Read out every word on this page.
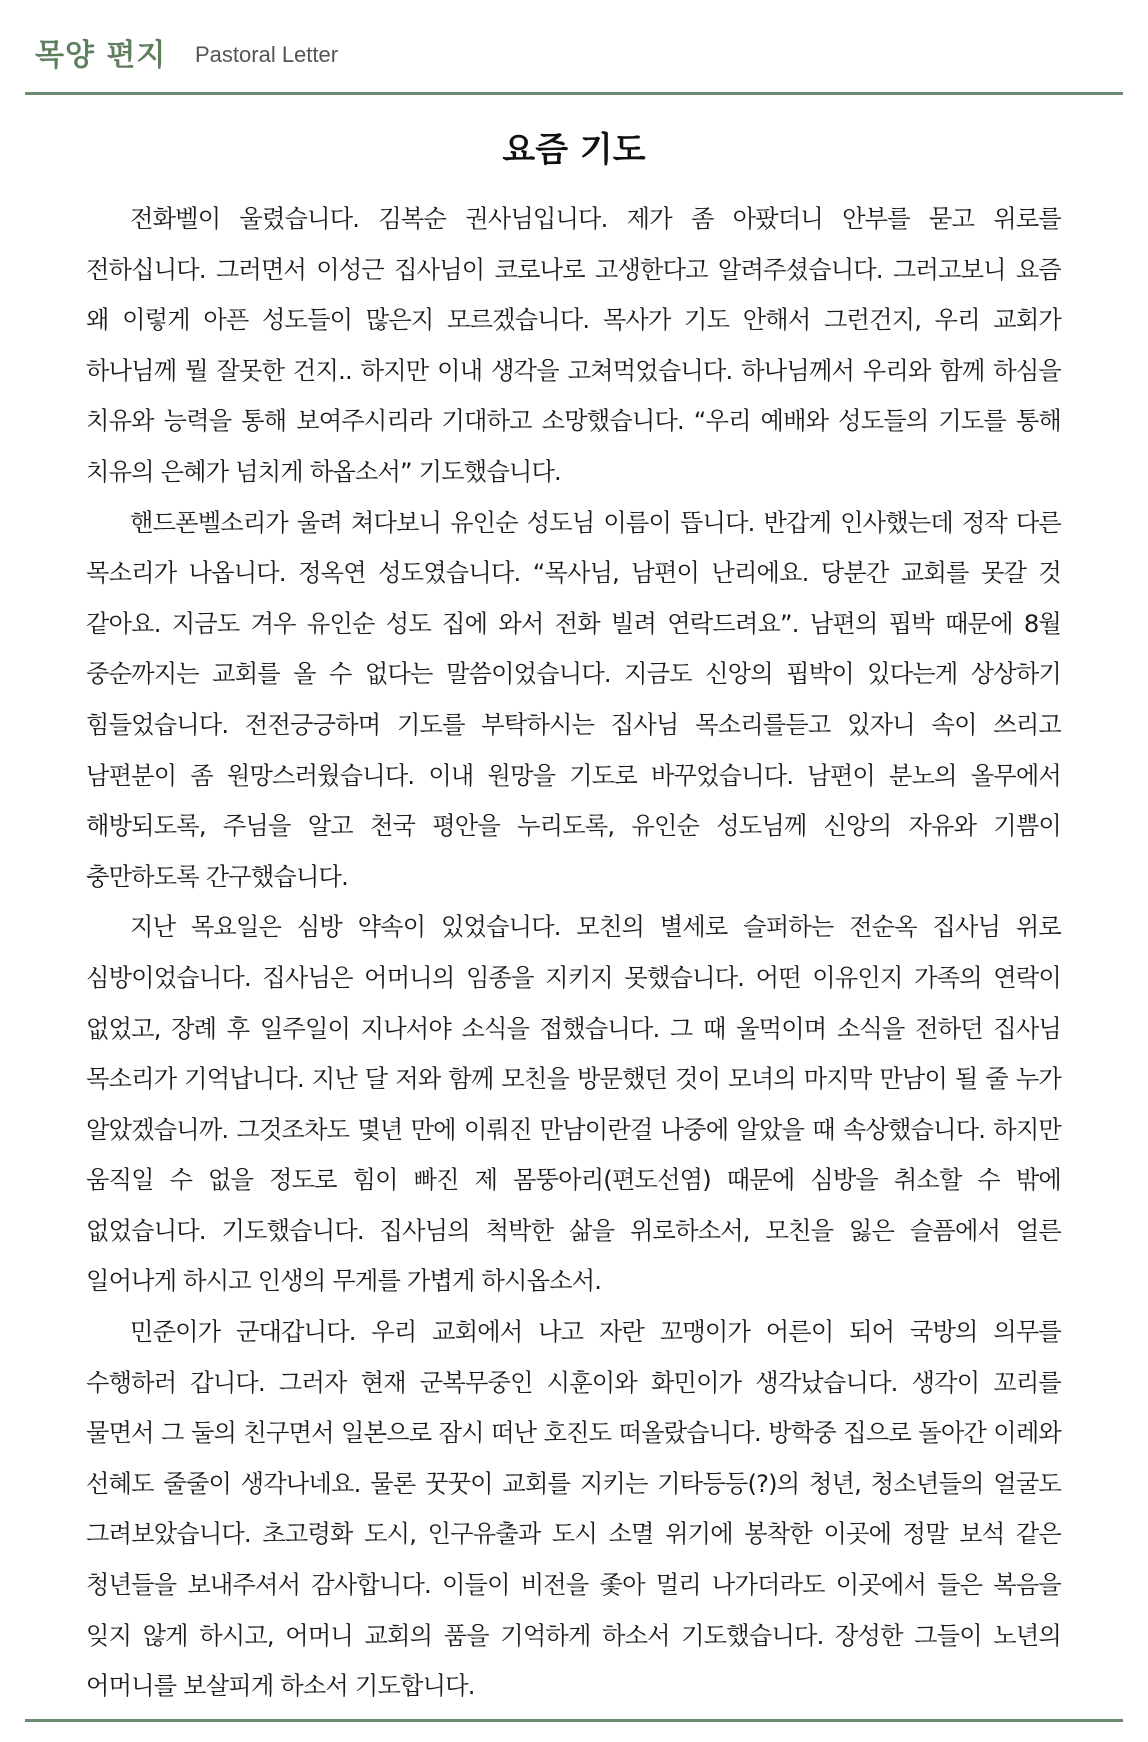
목양 편지 Pastoral Letter
요즘 기도

전화벨이 울렸습니다. 김복순 권사님입니다. 제가 좀 아팠더니 안부를 묻고 위로를 전하십니다. 그러면서 이성근 집사님이 코로나로 고생한다고 알려주셨습니다. 그러고보니 요즘 왜 이렇게 아픈 성도들이 많은지 모르겠습니다. 목사가 기도 안해서 그런건지, 우리 교회가 하나님께 뭘 잘못한 건지.. 하지만 이내 생각을 고쳐먹었습니다. 하나님께서 우리와 함께 하심을 치유와 능력을 통해 보여주시리라 기대하고 소망했습니다. “우리 예배와 성도들의 기도를 통해 치유의 은혜가 넘치게 하옵소서” 기도했습니다.

핸드폰벨소리가 울려 쳐다보니 유인순 성도님 이름이 뜹니다. 반갑게 인사했는데 정작 다른 목소리가 나옵니다. 정옥연 성도였습니다. “목사님, 남편이 난리에요. 당분간 교회를 못갈 것 같아요. 지금도 겨우 유인순 성도 집에 와서 전화 빌려 연락드려요”. 남편의 핍박 때문에 8월 중순까지는 교회를 올 수 없다는 말씀이었습니다. 지금도 신앙의 핍박이 있다는게 상상하기 힘들었습니다. 전전긍긍하며 기도를 부탁하시는 집사님 목소리를듣고 있자니 속이 쓰리고 남편분이 좀 원망스러웠습니다. 이내 원망을 기도로 바꾸었습니다. 남편이 분노의 올무에서 해방되도록, 주님을 알고 천국 평안을 누리도록, 유인순 성도님께 신앙의 자유와 기쁨이 충만하도록 간구했습니다.

지난 목요일은 심방 약속이 있었습니다. 모친의 별세로 슬퍼하는 전순옥 집사님 위로 심방이었습니다. 집사님은 어머니의 임종을 지키지 못했습니다. 어떤 이유인지 가족의 연락이 없었고, 장례 후 일주일이 지나서야 소식을 접했습니다. 그 때 울먹이며 소식을 전하던 집사님 목소리가 기억납니다. 지난 달 저와 함께 모친을 방문했던 것이 모녀의 마지막 만남이 될 줄 누가 알았겠습니까. 그것조차도 몇년 만에 이뤄진 만남이란걸 나중에 알았을 때 속상했습니다. 하지만 움직일 수 없을 정도로 힘이 빠진 제 몸뚱아리(편도선염) 때문에 심방을 취소할 수 밖에 없었습니다. 기도했습니다. 집사님의 척박한 삶을 위로하소서, 모친을 잃은 슬픔에서 얼른 일어나게 하시고 인생의 무게를 가볍게 하시옵소서.

민준이가 군대갑니다. 우리 교회에서 나고 자란 꼬맹이가 어른이 되어 국방의 의무를 수행하러 갑니다. 그러자 현재 군복무중인 시훈이와 화민이가 생각났습니다. 생각이 꼬리를 물면서 그 둘의 친구면서 일본으로 잠시 떠난 호진도 떠올랐습니다. 방학중 집으로 돌아간 이레와 선혜도 줄줄이 생각나네요. 물론 꿋꿋이 교회를 지키는 기타등등(?)의 청년, 청소년들의 얼굴도 그려보았습니다. 초고령화 도시, 인구유출과 도시 소멸 위기에 봉착한 이곳에 정말 보석 같은 청년들을 보내주셔서 감사합니다. 이들이 비전을 좇아 멀리 나가더라도 이곳에서 들은 복음을 잊지 않게 하시고, 어머니 교회의 품을 기억하게 하소서 기도했습니다. 장성한 그들이 노년의 어머니를 보살피게 하소서 기도합니다.
